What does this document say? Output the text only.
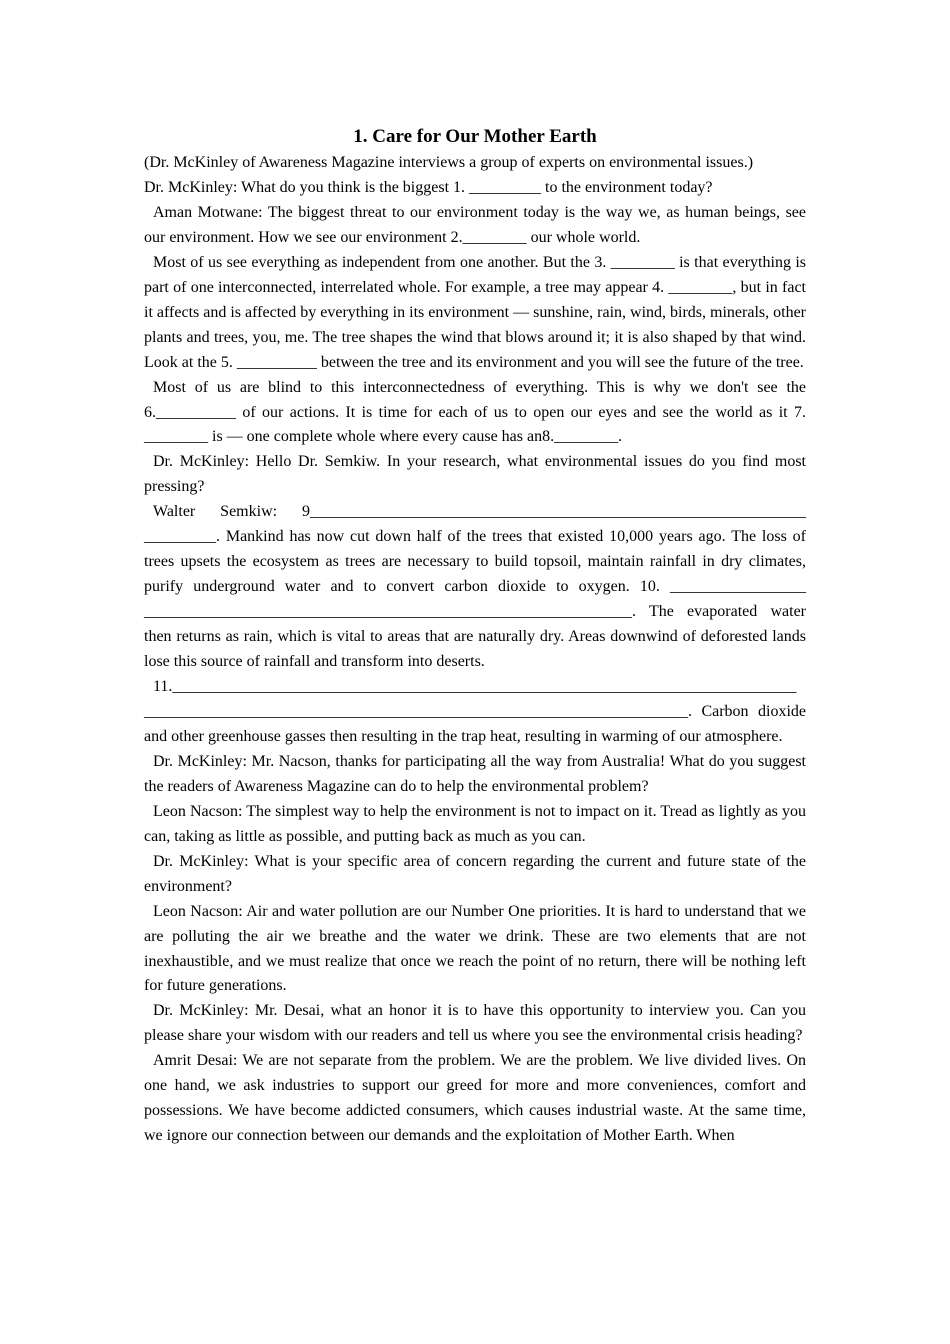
1. Care for Our Mother Earth

(Dr. McKinley of Awareness Magazine interviews a group of experts on environmental issues.)

Dr. McKinley: What do you think is the biggest 1. _________ to the environment today?

Aman Motwane: The biggest threat to our environment today is the way we, as human beings, see our environment. How we see our environment 2.________ our whole world.

Most of us see everything as independent from one another. But the 3. ________ is that everything is part of one interconnected, interrelated whole. For example, a tree may appear 4. ________, but in fact it affects and is affected by everything in its environment — sunshine, rain, wind, birds, minerals, other plants and trees, you, me. The tree shapes the wind that blows around it; it is also shaped by that wind. Look at the 5. __________ between the tree and its environment and you will see the future of the tree.

Most of us are blind to this interconnectedness of everything. This is why we don't see the 6.__________ of our actions. It is time for each of us to open our eyes and see the world as it 7. ________ is — one complete whole where every cause has an8.________.

Dr. McKinley: Hello Dr. Semkiw. In your research, what environmental issues do you find most pressing?

Walter Semkiw: 9______________________________________________________________ _________. Mankind has now cut down half of the trees that existed 10,000 years ago. The loss of trees upsets the ecosystem as trees are necessary to build topsoil, maintain rainfall in dry climates, purify underground water and to convert carbon dioxide to oxygen. 10. _________________ _____________________________________________________________. The evaporated water then returns as rain, which is vital to areas that are naturally dry. Areas downwind of deforested lands lose this source of rainfall and transform into deserts.

11.______________________________________________________________________________ ____________________________________________________________________. Carbon dioxide and other greenhouse gasses then resulting in the trap heat, resulting in warming of our atmosphere.

Dr. McKinley: Mr. Nacson, thanks for participating all the way from Australia! What do you suggest the readers of Awareness Magazine can do to help the environmental problem?

Leon Nacson: The simplest way to help the environment is not to impact on it. Tread as lightly as you can, taking as little as possible, and putting back as much as you can.

Dr. McKinley: What is your specific area of concern regarding the current and future state of the environment?

Leon Nacson: Air and water pollution are our Number One priorities. It is hard to understand that we are polluting the air we breathe and the water we drink. These are two elements that are not inexhaustible, and we must realize that once we reach the point of no return, there will be nothing left for future generations.

Dr. McKinley: Mr. Desai, what an honor it is to have this opportunity to interview you. Can you please share your wisdom with our readers and tell us where you see the environmental crisis heading?

Amrit Desai: We are not separate from the problem. We are the problem. We live divided lives. On one hand, we ask industries to support our greed for more and more conveniences, comfort and possessions. We have become addicted consumers, which causes industrial waste. At the same time, we ignore our connection between our demands and the exploitation of Mother Earth. When
